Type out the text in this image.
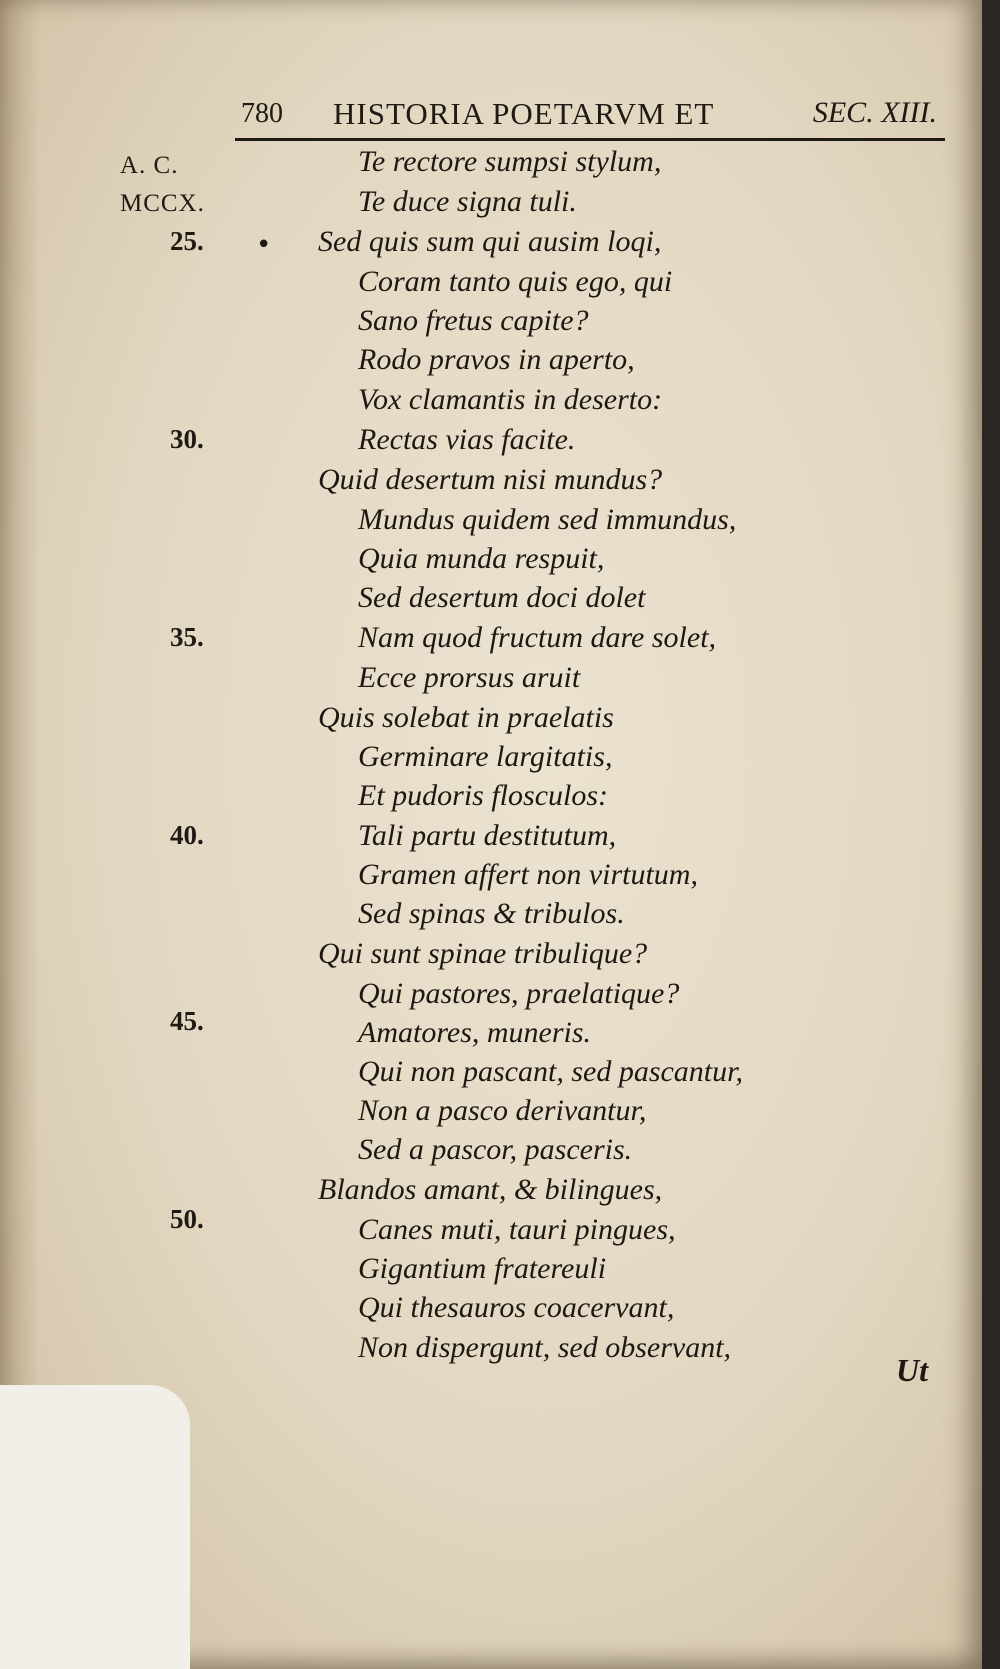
780 HISTORIA POETARVM ET	SEC. XIII.
A. C.
MCCX.
25.
30.
35.
40.
45.
50.
•

Te rectore sumpsi stylum,

Te duce signa tuli.

Sed quis sum qui ausim loqi,

Coram tanto quis ego, qui

Sano fretus capite?

Rodo pravos in aperto,

Vox clamantis in deserto:

Rectas vias facite.

Quid desertum nisi mundus?

Mundus quidem sed immundus,

Quia munda respuit,

Sed desertum doci dolet

Nam quod fructum dare solet,

Ecce prorsus aruit

Quis solebat in praelatis

Germinare largitatis,

Et pudoris flosculos:

Tali partu destitutum,

Gramen affert non virtutum,

Sed spinas & tribulos.

Qui sunt spinae tribulique?

Qui pastores, praelatique?

Amatores, muneris.

Qui non pascant, sed pascantur,

Non a pasco derivantur,

Sed a pascor, pasceris.

Blandos amant, & bilingues,

Canes muti, tauri pingues,

Gigantium fratereuli

Qui thesauros coacervant,

Non dispergunt, sed observant,

Ut
